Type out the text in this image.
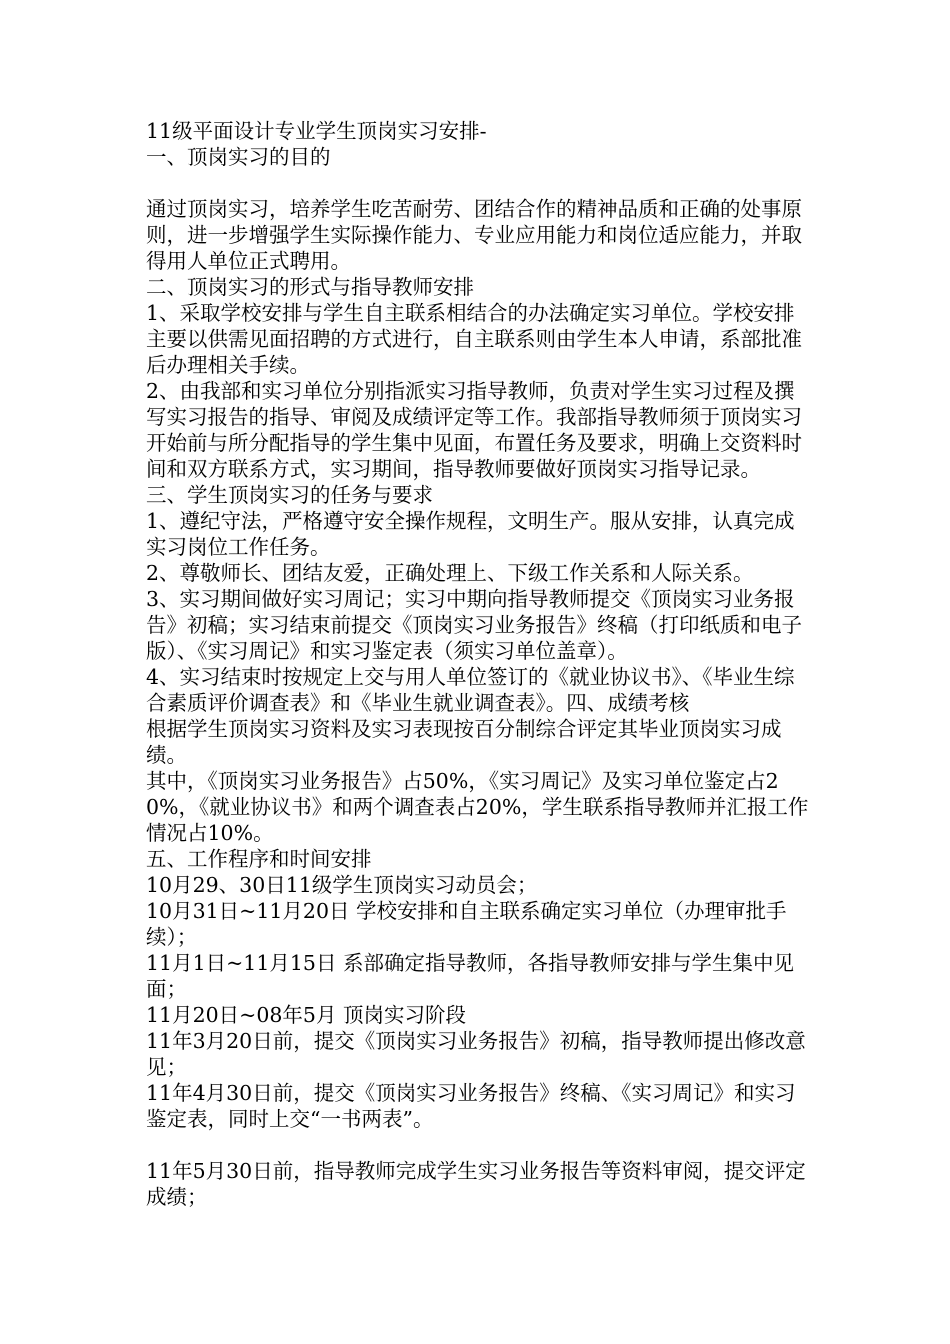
11级平面设计专业学生顶岗实习安排-

一、顶岗实习的目的

通过顶岗实习，培养学生吃苦耐劳、团结合作的精神品质和正确的处事原则，进一步增强学生实际操作能力、专业应用能力和岗位适应能力，并取得用人单位正式聘用。

二、顶岗实习的形式与指导教师安排

1、采取学校安排与学生自主联系相结合的办法确定实习单位。学校安排主要以供需见面招聘的方式进行，自主联系则由学生本人申请，系部批准后办理相关手续。

2、由我部和实习单位分别指派实习指导教师，负责对学生实习过程及撰写实习报告的指导、审阅及成绩评定等工作。我部指导教师须于顶岗实习开始前与所分配指导的学生集中见面，布置任务及要求，明确上交资料时间和双方联系方式，实习期间，指导教师要做好顶岗实习指导记录。

三、学生顶岗实习的任务与要求

1、遵纪守法，严格遵守安全操作规程，文明生产。服从安排，认真完成实习岗位工作任务。

2、尊敬师长、团结友爱，正确处理上、下级工作关系和人际关系。

3、实习期间做好实习周记；实习中期向指导教师提交《顶岗实习业务报告》初稿；实习结束前提交《顶岗实习业务报告》终稿（打印纸质和电子版）、《实习周记》和实习鉴定表（须实习单位盖章）。

4、实习结束时按规定上交与用人单位签订的《就业协议书》、《毕业生综合素质评价调查表》和《毕业生就业调查表》。四、成绩考核

根据学生顶岗实习资料及实习表现按百分制综合评定其毕业顶岗实习成绩。

其中，《顶岗实习业务报告》占50%，《实习周记》及实习单位鉴定占20%，《就业协议书》和两个调查表占20%，学生联系指导教师并汇报工作情况占10%。

五、工作程序和时间安排

10月29、30日11级学生顶岗实习动员会；

10月31日~11月20日 学校安排和自主联系确定实习单位（办理审批手续）；

11月1日~11月15日 系部确定指导教师，各指导教师安排与学生集中见面；

11月20日~08年5月 顶岗实习阶段

11年3月20日前，提交《顶岗实习业务报告》初稿，指导教师提出修改意见；

11年4月30日前，提交《顶岗实习业务报告》终稿、《实习周记》和实习鉴定表，同时上交“一书两表”。

11年5月30日前，指导教师完成学生实习业务报告等资料审阅，提交评定成绩；
